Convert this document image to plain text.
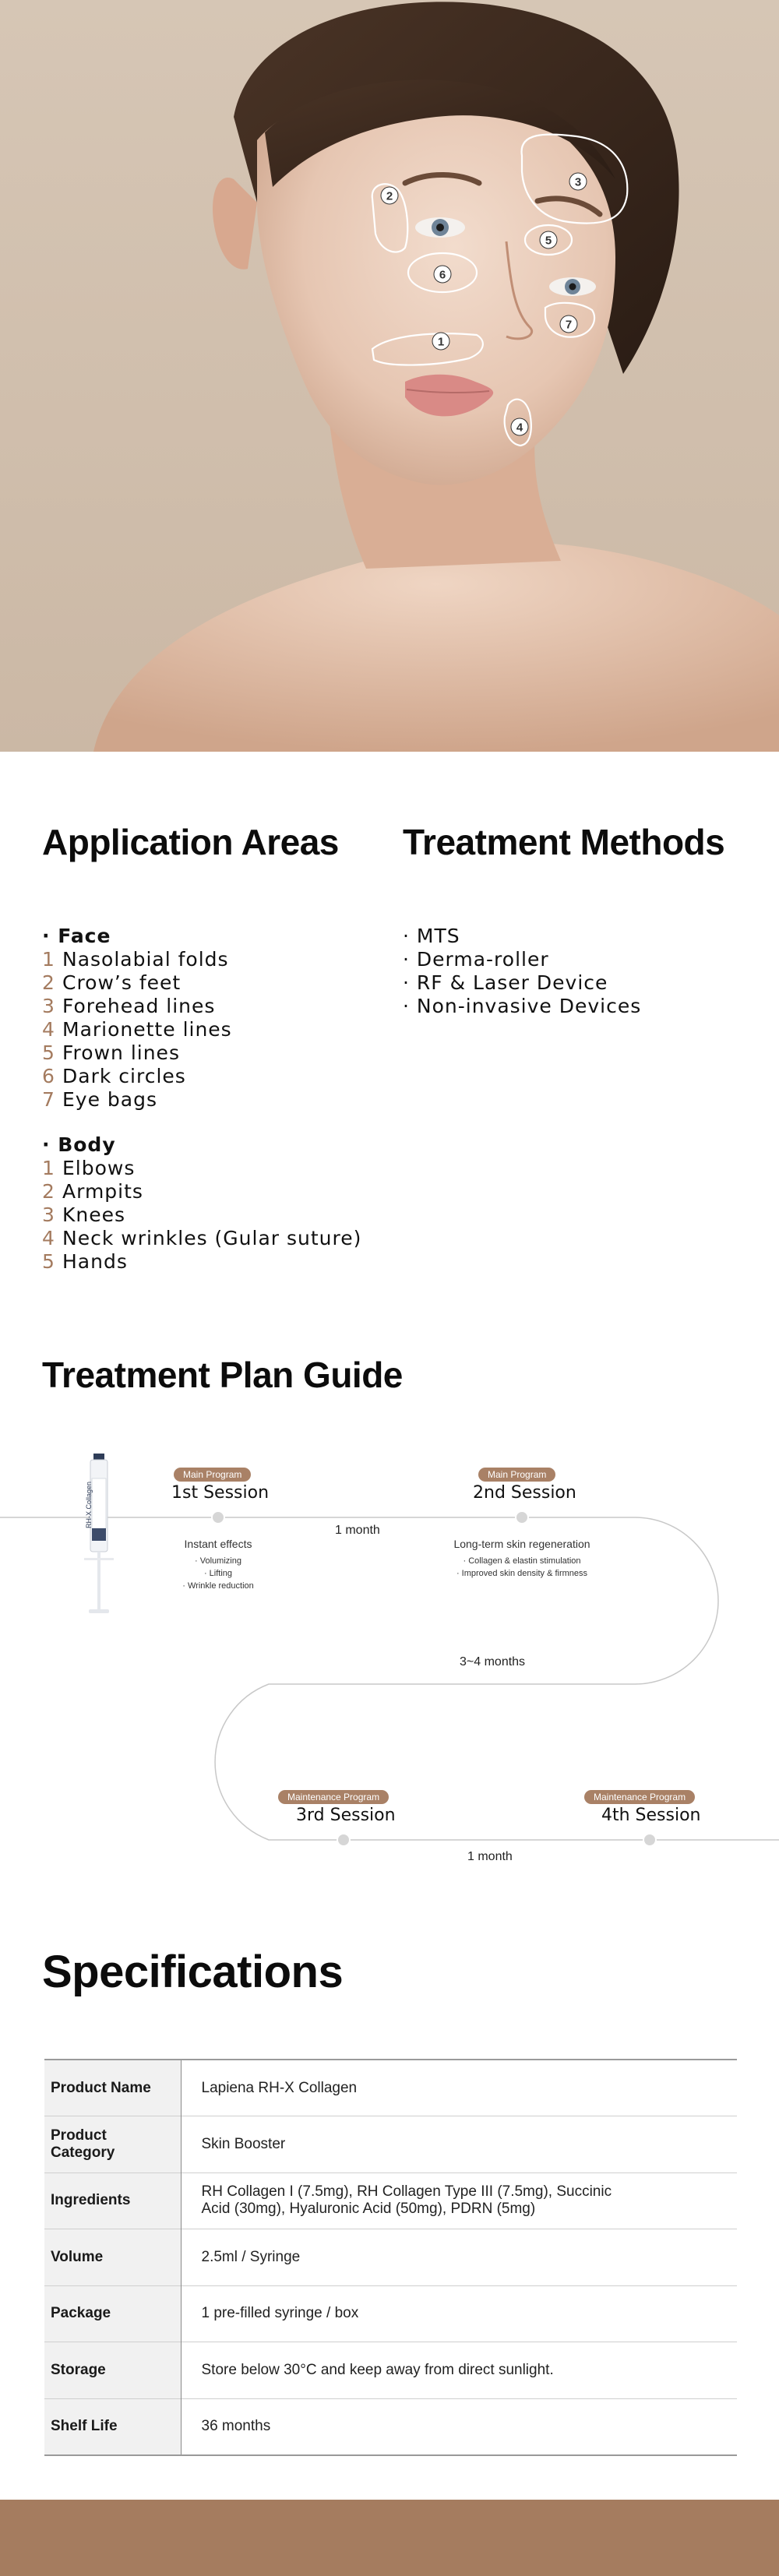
3
2
5
6
7
1
4
Application Areas Treatment Methods
· Face
1 Nasolabial folds
2 Crow’s feet
3 Forehead lines
4 Marionette lines
5 Frown lines
6 Dark circles
7 Eye bags
· Body
1 Elbows
2 Armpits
3 Knees
4 Neck wrinkles (Gular suture)
5 Hands
· MTS
· Derma-roller
· RF & Laser Device
· Non-invasive Devices
Treatment Plan Guide
RH-X Collagen
Main Program
1st Session
Instant effects
· Volumizing
· Lifting
· Wrinkle reduction
Main Program
2nd Session
Long-term skin regeneration
· Collagen & elastin stimulation
· Improved skin density & firmness
1 month
3~4 months
Maintenance Program
3rd Session
Maintenance Program
4th Session
1 month
Specifications
Product Name	Lapiena RH-X Collagen
Product Category	Skin Booster
Ingredients	RH Collagen I (7.5mg), RH Collagen Type III (7.5mg), Succinic Acid (30mg), Hyaluronic Acid (50mg), PDRN (5mg)
Volume	2.5ml / Syringe
Package	1 pre-filled syringe / box
Storage	Store below 30°C and keep away from direct sunlight.
Shelf Life	36 months
